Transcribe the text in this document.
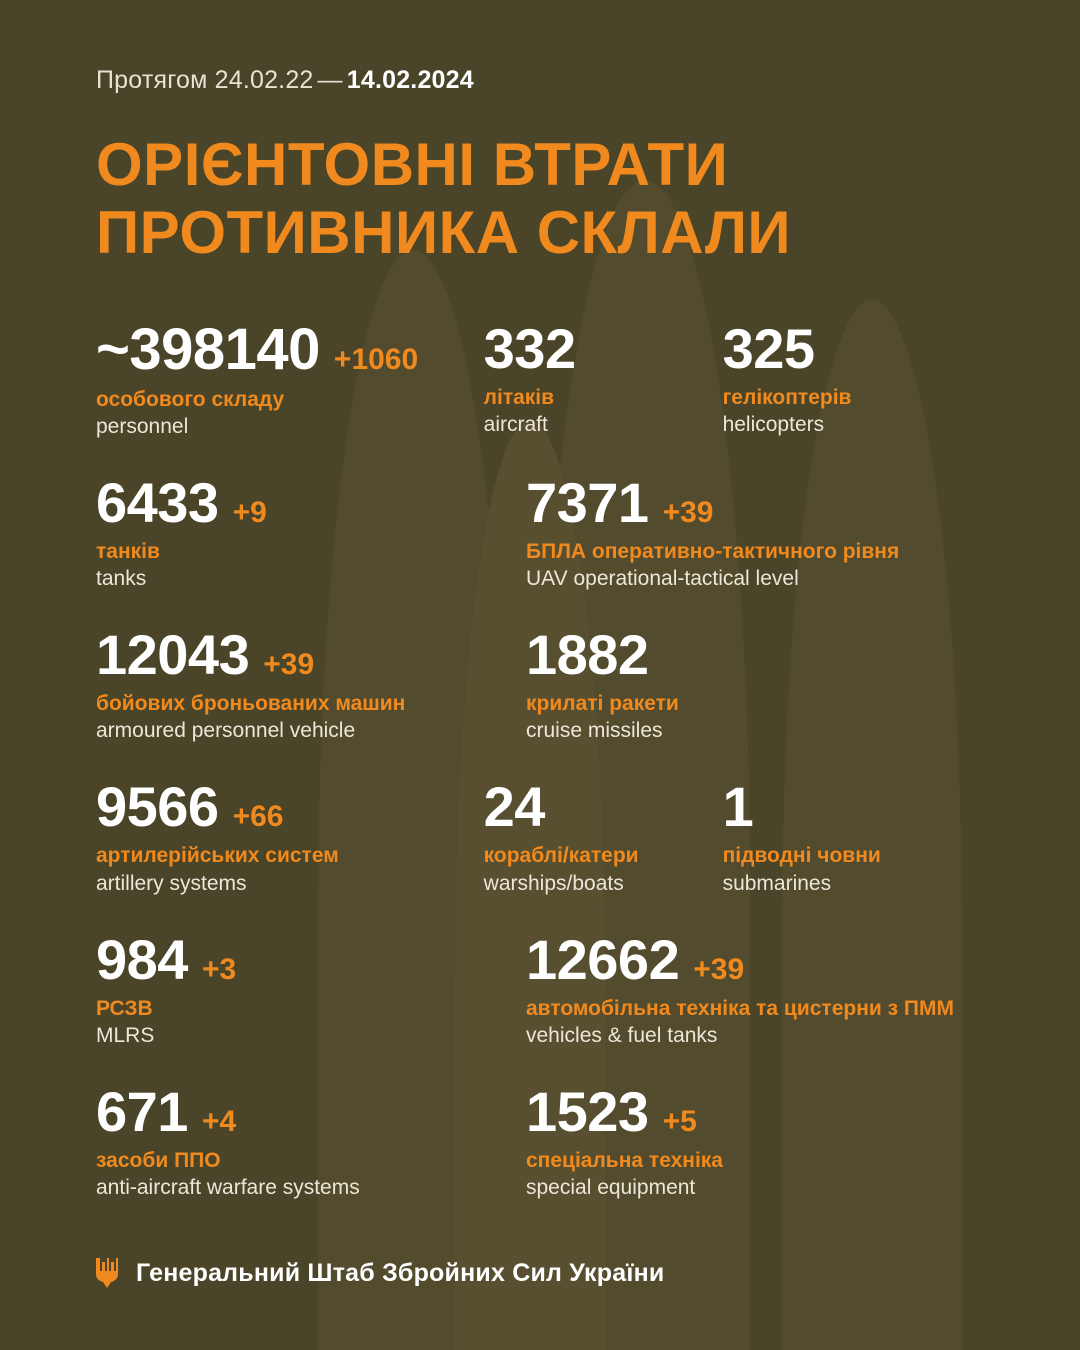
Протягом 24.02.22 — 14.02.2024
ОРІЄНТОВНІ ВТРАТИ
ПРОТИВНИКА СКЛАЛИ
~398140 +1060
особового складу
personnel
332
літаків
aircraft
325
гелікоптерів
helicopters
6433 +9
танків
tanks
7371 +39
БПЛА оперативно-тактичного рівня
UAV operational-tactical level
12043 +39
бойових броньованих машин
armoured personnel vehicle
1882
крилаті ракети
cruise missiles
9566 +66
артилерійських систем
artillery systems
24
кораблі/катери
warships/boats
1
підводні човни
submarines
984 +3
РСЗВ
MLRS
12662 +39
автомобільна техніка та цистерни з ПММ
vehicles & fuel tanks
671 +4
засоби ППО
anti-aircraft warfare systems
1523 +5
спеціальна техніка
special equipment
Генеральний Штаб Збройних Сил України
